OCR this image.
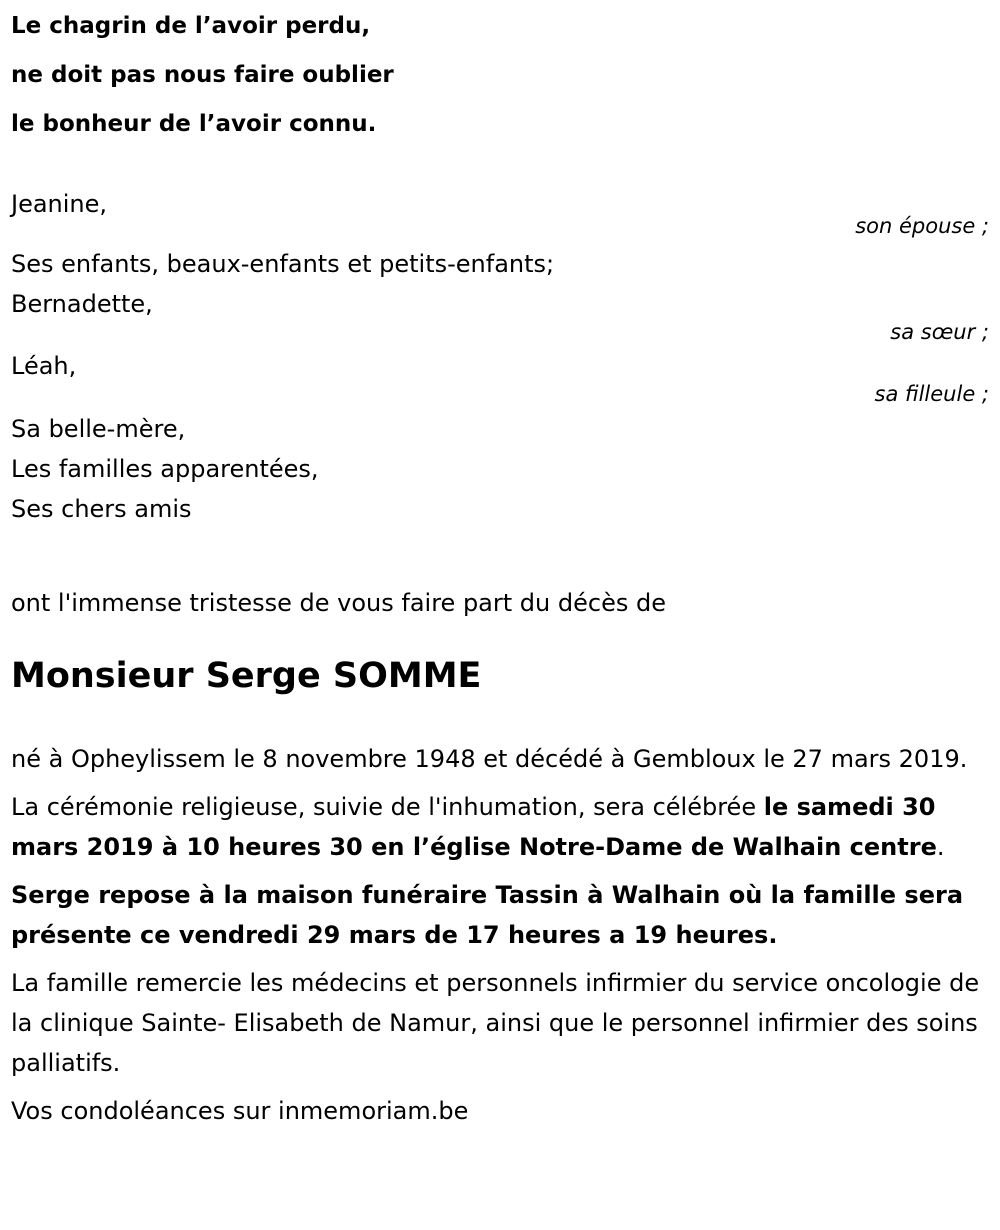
Le chagrin de l’avoir perdu,

ne doit pas nous faire oublier

le bonheur de l’avoir connu.

Jeanine,

son épouse ;

Ses enfants, beaux-enfants et petits-enfants;

Bernadette,

sa sœur ;

Léah,

sa filleule ;

Sa belle-mère,

Les familles apparentées,

Ses chers amis

ont l'immense tristesse de vous faire part du décès de

Monsieur Serge SOMME

né à Opheylissem le 8 novembre 1948 et décédé à Gembloux le 27 mars 2019.

La cérémonie religieuse, suivie de l'inhumation, sera célébrée le samedi 30 mars 2019 à 10 heures 30 en l’église Notre-Dame de Walhain centre.

Serge repose à la maison funéraire Tassin à Walhain où la famille sera présente ce vendredi 29 mars de 17 heures a 19 heures.

La famille remercie les médecins et personnels infirmier du service oncologie de la clinique Sainte- Elisabeth de Namur, ainsi que le personnel infirmier des soins palliatifs.

Vos condoléances sur inmemoriam.be
